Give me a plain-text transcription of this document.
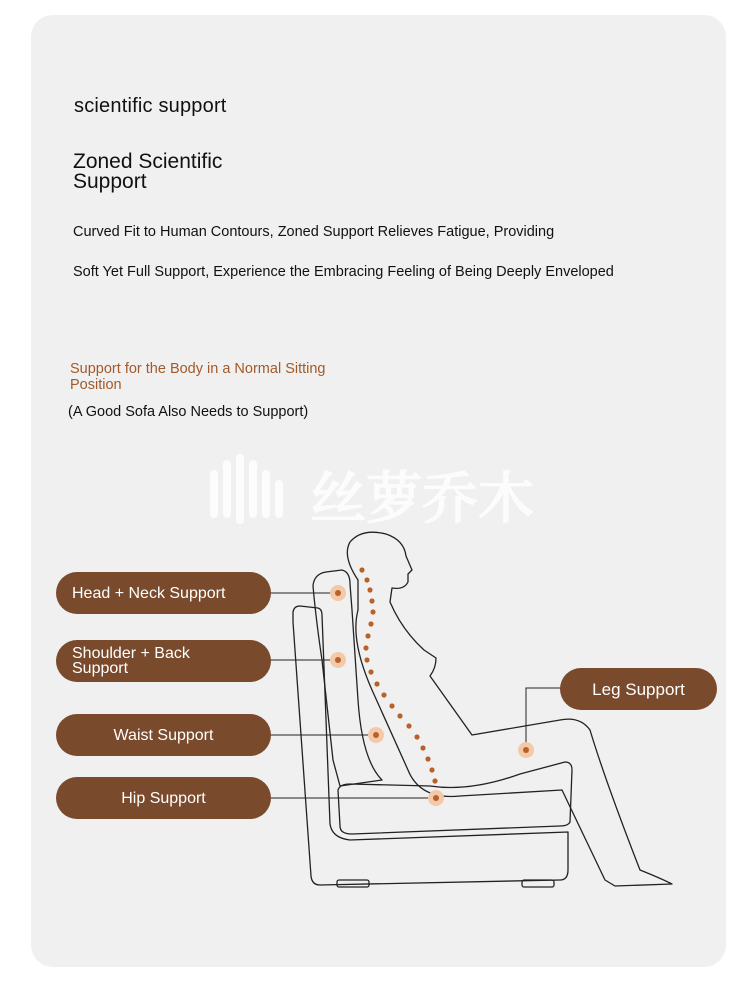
scientific support
Zoned Scientific Support
Curved Fit to Human Contours, Zoned Support Relieves Fatigue, Providing
Soft Yet Full Support, Experience the Embracing Feeling of Being Deeply Enveloped
Support for the Body in a Normal Sitting Position
(A Good Sofa Also Needs to Support)
丝萝乔木
Head + Neck Support
Shoulder + Back Support
Waist Support
Hip Support
Leg Support
